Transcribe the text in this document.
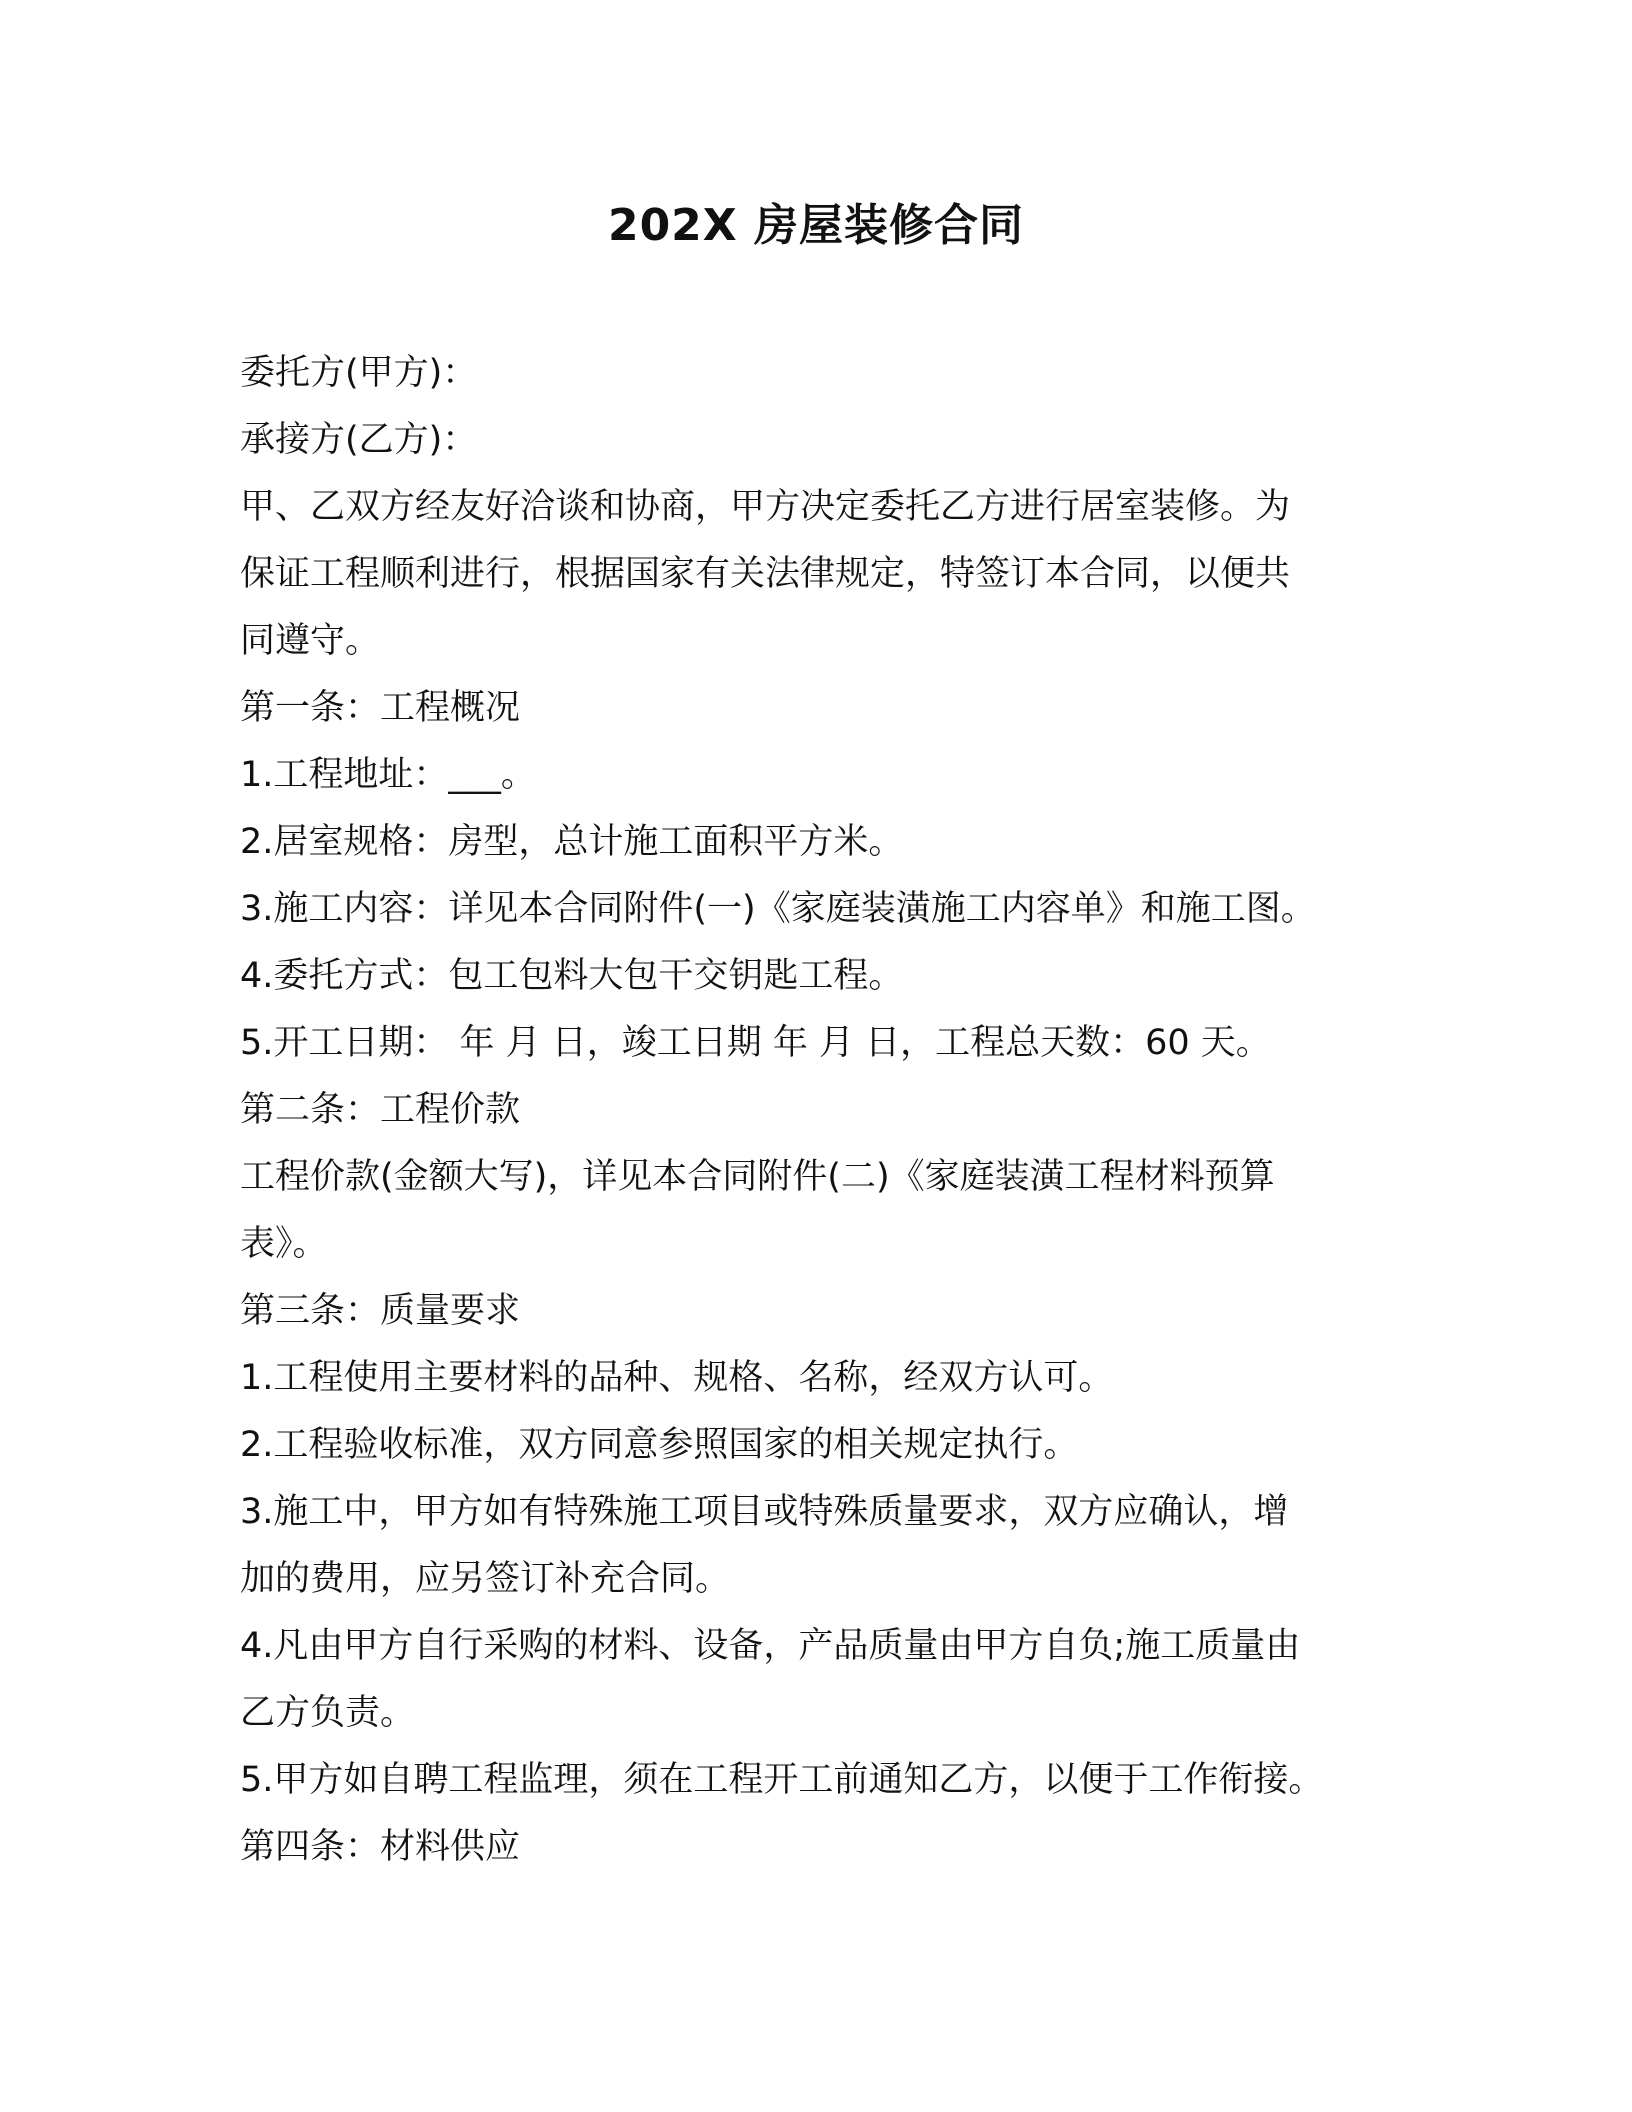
202X 房屋装修合同
委托方(甲方)：
承接方(乙方)：
甲、乙双方经友好洽谈和协商，甲方决定委托乙方进行居室装修。为
保证工程顺利进行，根据国家有关法律规定，特签订本合同，以便共
同遵守。
第一条：工程概况
1.工程地址：___。
2.居室规格：房型，总计施工面积平方米。
3.施工内容：详见本合同附件(一)《家庭装潢施工内容单》和施工图。
4.委托方式：包工包料大包干交钥匙工程。
5.开工日期： 年 月 日，竣工日期 年 月 日，工程总天数：60 天。
第二条：工程价款
工程价款(金额大写)，详见本合同附件(二)《家庭装潢工程材料预算
表》。
第三条：质量要求
1.工程使用主要材料的品种、规格、名称，经双方认可。
2.工程验收标准，双方同意参照国家的相关规定执行。
3.施工中，甲方如有特殊施工项目或特殊质量要求，双方应确认，增
加的费用，应另签订补充合同。
4.凡由甲方自行采购的材料、设备，产品质量由甲方自负;施工质量由
乙方负责。
5.甲方如自聘工程监理，须在工程开工前通知乙方，以便于工作衔接。
第四条：材料供应
